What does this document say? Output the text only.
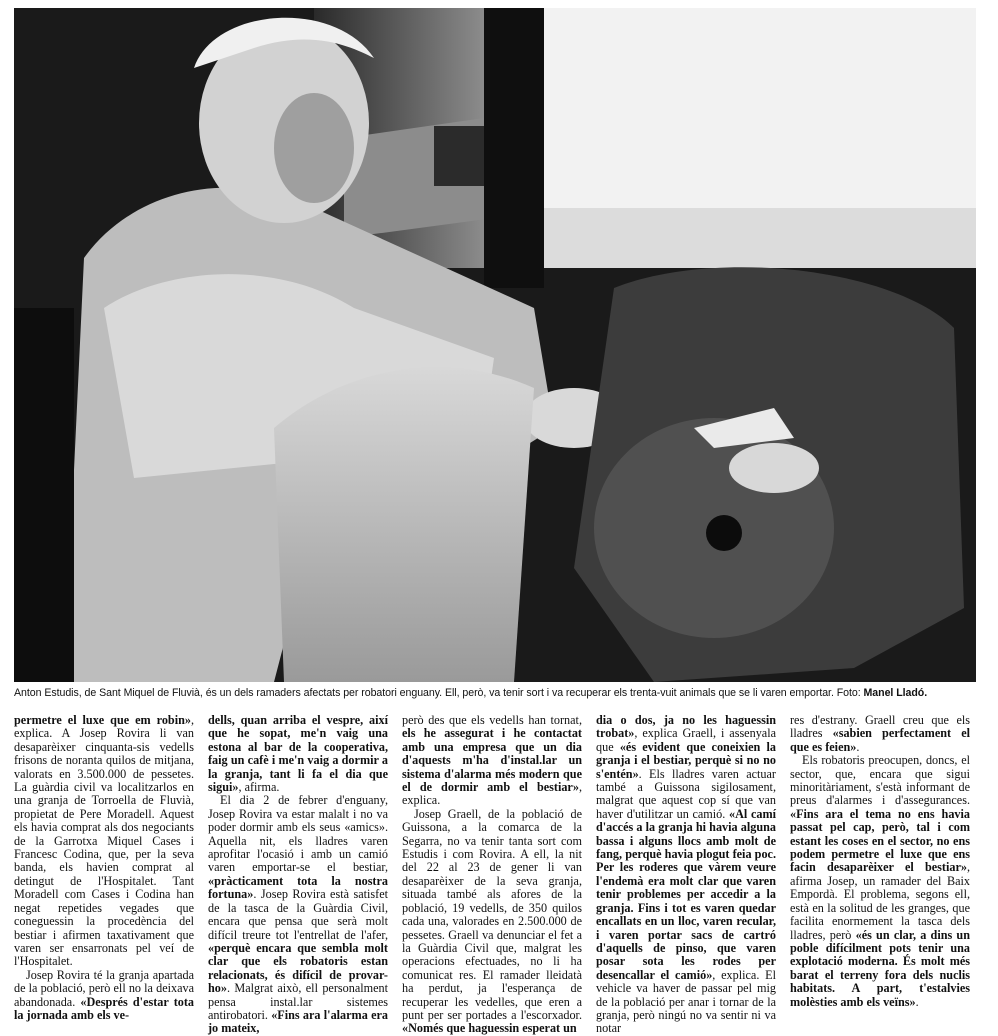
Anton Estudis, de Sant Miquel de Fluvià, és un dels ramaders afectats per robatori enguany. Ell, però, va tenir sort i va recuperar els trenta-vuit animals que se li varen emportar. Foto: Manel Lladó.

permetre el luxe que em robin», explica. A Josep Rovira li van desaparèixer cinquanta-sis vedells frisons de noranta quilos de mitjana, valorats en 3.500.000 de pessetes. La guàrdia civil va localitzarlos en una granja de Torroella de Fluvià, propietat de Pere Moradell. Aquest els havia comprat als dos negociants de la Garrotxa Miquel Cases i Francesc Codina, que, per la seva banda, els havien comprat al detingut de l'Hospitalet. Tant Moradell com Cases i Codina han negat repetides vegades que coneguessin la procedència del bestiar i afirmen taxativament que varen ser ensarronats pel veí de l'Hospitalet.

Josep Rovira té la granja apartada de la població, però ell no la deixava abandonada. «Després d'estar tota la jornada amb els ve-

dells, quan arriba el vespre, així que he sopat, me'n vaig una estona al bar de la cooperativa, faig un cafè i me'n vaig a dormir a la granja, tant li fa el dia que sigui», afirma.

El dia 2 de febrer d'enguany, Josep Rovira va estar malalt i no va poder dormir amb els seus «amics». Aquella nit, els lladres varen aprofitar l'ocasió i amb un camió varen emportar-se el bestiar, «pràcticament tota la nostra fortuna». Josep Rovira està satisfet de la tasca de la Guàrdia Civil, encara que pensa que serà molt difícil treure tot l'entrellat de l'afer, «perquè encara que sembla molt clar que els robatoris estan relacionats, és difícil de provar-ho». Malgrat això, ell personalment pensa instal.lar sistemes antirobatori. «Fins ara l'alarma era jo mateix,

però des que els vedells han tornat, els he assegurat i he contactat amb una empresa que un dia d'aquests m'ha d'instal.lar un sistema d'alarma més modern que el de dormir amb el bestiar», explica.

Josep Graell, de la població de Guissona, a la comarca de la Segarra, no va tenir tanta sort com Estudis i com Rovira. A ell, la nit del 22 al 23 de gener li van desaparèixer de la seva granja, situada també als afores de la població, 19 vedells, de 350 quilos cada una, valorades en 2.500.000 de pessetes. Graell va denunciar el fet a la Guàrdia Civil que, malgrat les operacions efectuades, no li ha comunicat res. El ramader lleidatà ha perdut, ja l'esperança de recuperar les vedelles, que eren a punt per ser portades a l'escorxador. «Només que haguessin esperat un

dia o dos, ja no les haguessin trobat», explica Graell, i assenyala que «és evident que coneixien la granja i el bestiar, perquè si no no s'entén». Els lladres varen actuar també a Guissona sigilosament, malgrat que aquest cop sí que van haver d'utilitzar un camió. «Al camí d'accés a la granja hi havia alguna bassa i alguns llocs amb molt de fang, perquè havia plogut feia poc. Per les roderes que vàrem veure l'endemà era molt clar que varen tenir problemes per accedir a la granja. Fins i tot es varen quedar encallats en un lloc, varen recular, i varen portar sacs de cartró d'aquells de pinso, que varen posar sota les rodes per desencallar el camió», explica. El vehicle va haver de passar pel mig de la població per anar i tornar de la granja, però ningú no va sentir ni va notar

res d'estrany. Graell creu que els lladres «sabien perfectament el que es feien».

Els robatoris preocupen, doncs, el sector, que, encara que sigui minoritàriament, s'està informant de preus d'alarmes i d'assegurances. «Fins ara el tema no ens havia passat pel cap, però, tal i com estant les coses en el sector, no ens podem permetre el luxe que ens facin desaparèixer el bestiar», afirma Josep, un ramader del Baix Empordà. El problema, segons ell, està en la solitud de les granges, que facilita enormement la tasca dels lladres, però «és un clar, a dins un poble difícilment pots tenir una explotació moderna. És molt més barat el terreny fora dels nuclis habitats. A part, t'estalvies molèsties amb els veïns».
